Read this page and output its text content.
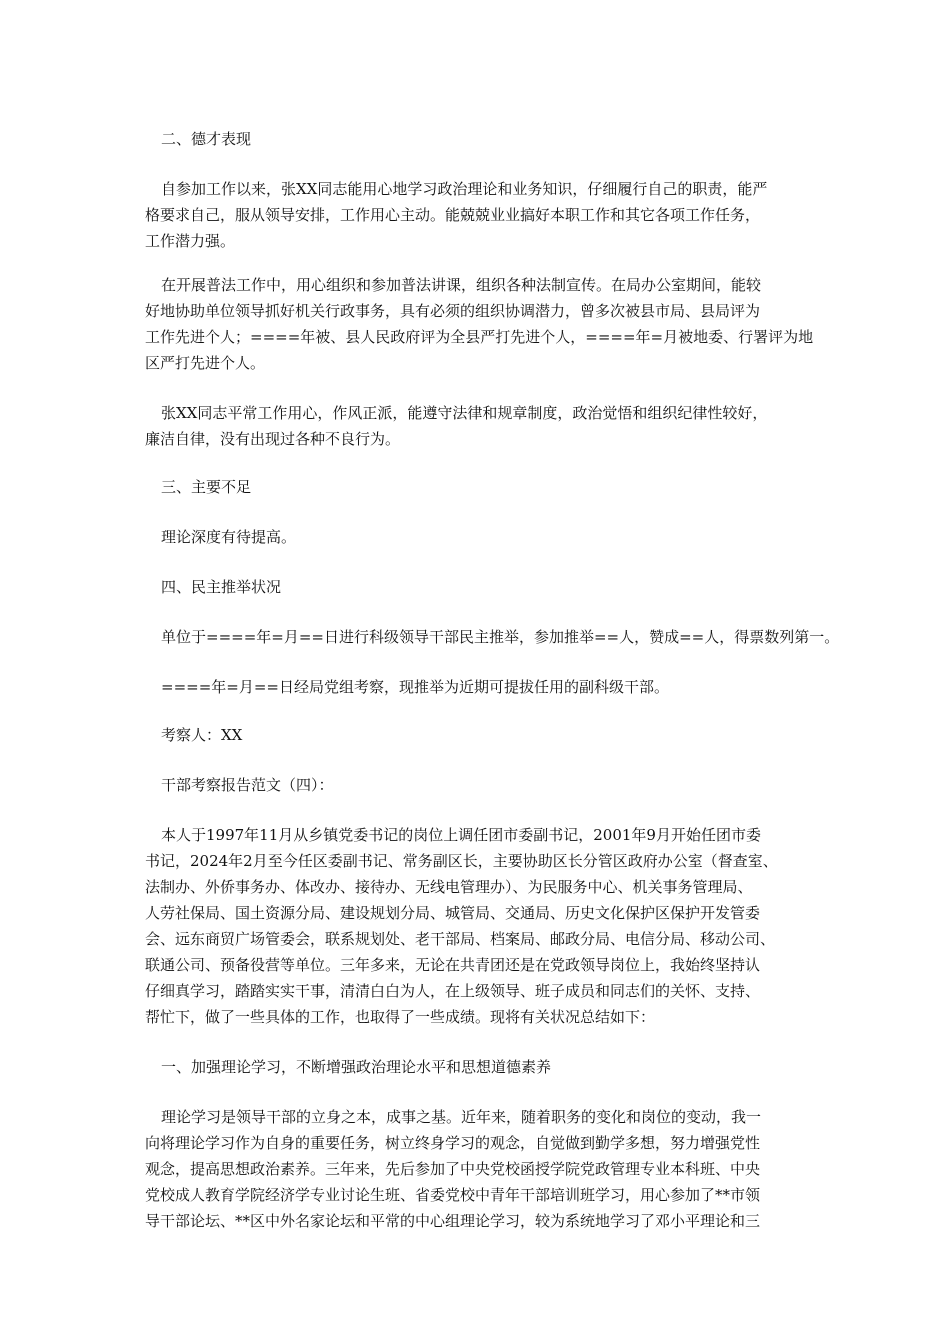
二、德才表现

自参加工作以来，张XX同志能用心地学习政治理论和业务知识，仔细履行自己的职责，能严
格要求自己，服从领导安排，工作用心主动。能兢兢业业搞好本职工作和其它各项工作任务，
工作潜力强。
在开展普法工作中，用心组织和参加普法讲课，组织各种法制宣传。在局办公室期间，能较
好地协助单位领导抓好机关行政事务，具有必须的组织协调潜力，曾多次被县市局、县局评为
工作先进个人；====年被、县人民政府评为全县严打先进个人，====年=月被地委、行署评为地
区严打先进个人。
张XX同志平常工作用心，作风正派，能遵守法律和规章制度，政治觉悟和组织纪律性较好，
廉洁自律，没有出现过各种不良行为。

三、主要不足

理论深度有待提高。

四、民主推举状况

单位于====年=月==日进行科级领导干部民主推举，参加推举==人，赞成==人，得票数列第一。

====年=月==日经局党组考察，现推举为近期可提拔任用的副科级干部。

考察人：XX

干部考察报告范文（四）：

本人于1997年11月从乡镇党委书记的岗位上调任团市委副书记，2001年9月开始任团市委
书记，2024年2月至今任区委副书记、常务副区长，主要协助区长分管区政府办公室（督查室、
法制办、外侨事务办、体改办、接待办、无线电管理办）、为民服务中心、机关事务管理局、
人劳社保局、国土资源分局、建设规划分局、城管局、交通局、历史文化保护区保护开发管委
会、远东商贸广场管委会，联系规划处、老干部局、档案局、邮政分局、电信分局、移动公司、
联通公司、预备役营等单位。三年多来，无论在共青团还是在党政领导岗位上，我始终坚持认
仔细真学习，踏踏实实干事，清清白白为人，在上级领导、班子成员和同志们的关怀、支持、
帮忙下，做了一些具体的工作，也取得了一些成绩。现将有关状况总结如下：

一、加强理论学习，不断增强政治理论水平和思想道德素养

理论学习是领导干部的立身之本，成事之基。近年来，随着职务的变化和岗位的变动，我一
向将理论学习作为自身的重要任务，树立终身学习的观念，自觉做到勤学多想，努力增强党性
观念，提高思想政治素养。三年来，先后参加了中央党校函授学院党政管理专业本科班、中央
党校成人教育学院经济学专业讨论生班、省委党校中青年干部培训班学习，用心参加了**市领
导干部论坛、**区中外名家论坛和平常的中心组理论学习，较为系统地学习了邓小平理论和三
